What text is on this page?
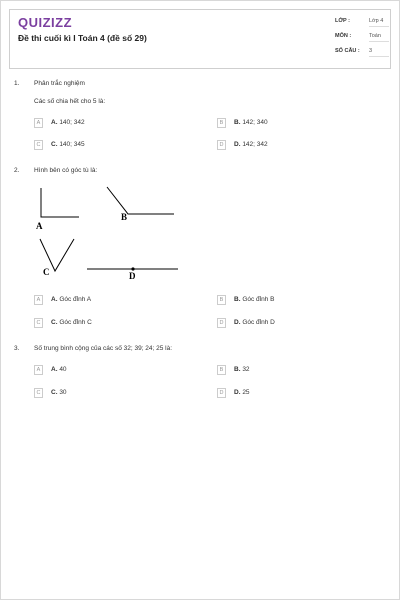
QUIZIZZ
Đề thi cuối kì I Toán 4 (đề số 29)
LỚP :	Lớp 4
MÔN :	Toán
SỐ CÂU : 3
1. Phân trắc nghiệm
Các số chia hết cho 5 là:
A	A. 140; 342	B	B. 142; 340
C	C. 140; 345	D	D. 142; 342
2. Hình bên có góc tù là:
A
B
C	D
A	A. Góc đỉnh A	B	B. Góc đỉnh B
C	C. Góc đỉnh C	D	D. Góc đỉnh D
3. Số trung bình cộng của các số 32; 39; 24; 25 là:
A	A. 40	B	B. 32
C	C. 30	D	D. 25
